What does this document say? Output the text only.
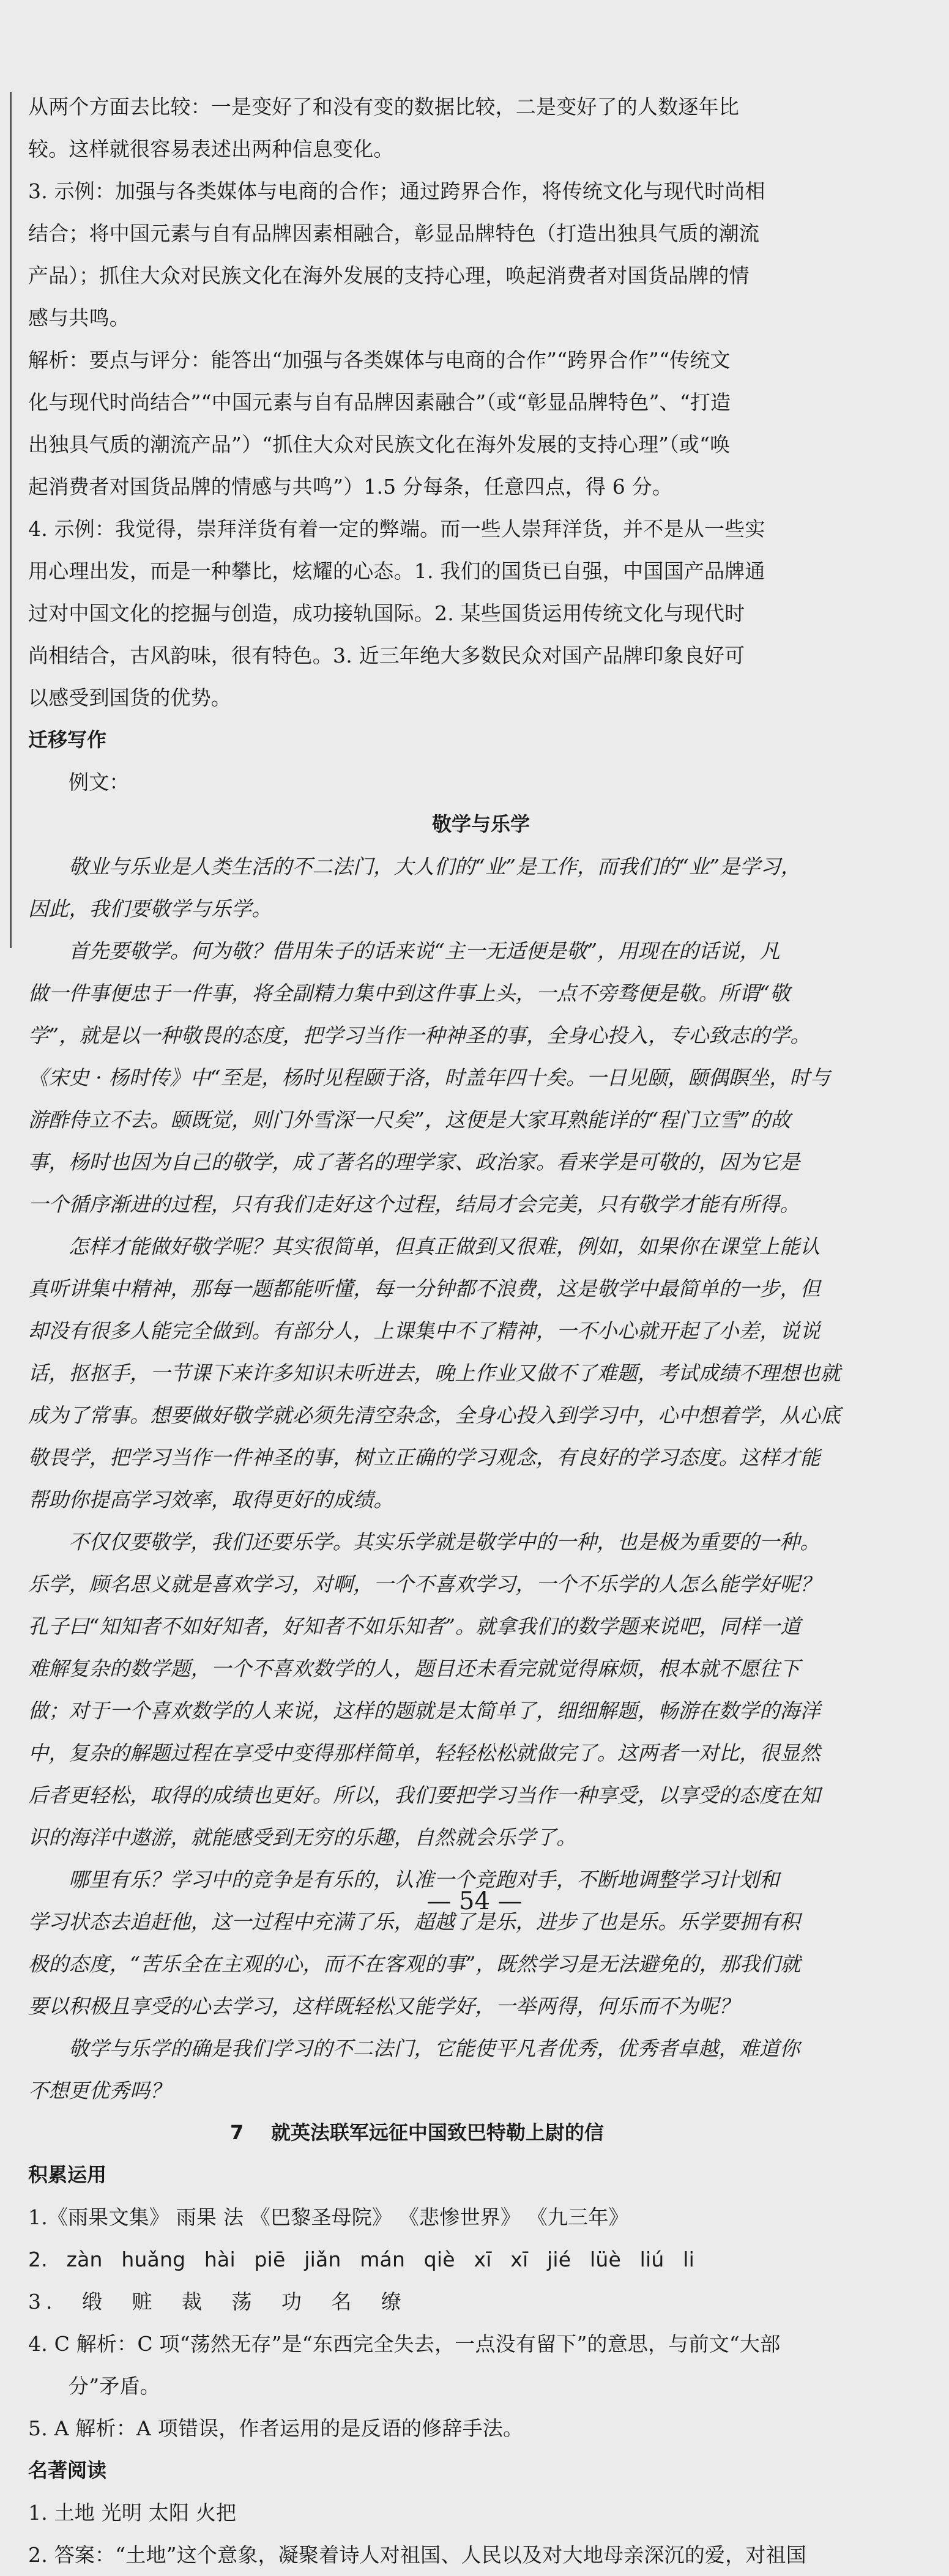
从两个方面去比较：一是变好了和没有变的数据比较，二是变好了的人数逐年比

较。这样就很容易表述出两种信息变化。

3. 示例：加强与各类媒体与电商的合作；通过跨界合作，将传统文化与现代时尚相

结合；将中国元素与自有品牌因素相融合，彰显品牌特色（打造出独具气质的潮流

产品）；抓住大众对民族文化在海外发展的支持心理，唤起消费者对国货品牌的情

感与共鸣。

解析：要点与评分：能答出“加强与各类媒体与电商的合作”“跨界合作”“传统文

化与现代时尚结合”“中国元素与自有品牌因素融合”（或“彰显品牌特色”、“打造

出独具气质的潮流产品”）“抓住大众对民族文化在海外发展的支持心理”（或“唤

起消费者对国货品牌的情感与共鸣”）1.5 分每条，任意四点，得 6 分。

4. 示例：我觉得，崇拜洋货有着一定的弊端。而一些人崇拜洋货，并不是从一些实

用心理出发，而是一种攀比，炫耀的心态。1. 我们的国货已自强，中国国产品牌通

过对中国文化的挖掘与创造，成功接轨国际。2. 某些国货运用传统文化与现代时

尚相结合，古风韵味，很有特色。3. 近三年绝大多数民众对国产品牌印象良好可

以感受到国货的优势。

迁移写作

例文：

敬学与乐学

敬业与乐业是人类生活的不二法门，大人们的“业”是工作，而我们的“业”是学习，

因此，我们要敬学与乐学。

首先要敬学。何为敬？借用朱子的话来说“主一无适便是敬”，用现在的话说，凡

做一件事便忠于一件事，将全副精力集中到这件事上头，一点不旁骛便是敬。所谓“敬

学”，就是以一种敬畏的态度，把学习当作一种神圣的事，全身心投入，专心致志的学。

《宋史 · 杨时传》中“至是，杨时见程颐于洛，时盖年四十矣。一日见颐，颐偶瞑坐，时与

游酢侍立不去。颐既觉，则门外雪深一尺矣”，这便是大家耳熟能详的“程门立雪”的故

事，杨时也因为自己的敬学，成了著名的理学家、政治家。看来学是可敬的，因为它是

一个循序渐进的过程，只有我们走好这个过程，结局才会完美，只有敬学才能有所得。

怎样才能做好敬学呢？其实很简单，但真正做到又很难，例如，如果你在课堂上能认

真听讲集中精神，那每一题都能听懂，每一分钟都不浪费，这是敬学中最简单的一步，但

却没有很多人能完全做到。有部分人，上课集中不了精神，一不小心就开起了小差，说说

话，抠抠手，一节课下来许多知识未听进去，晚上作业又做不了难题，考试成绩不理想也就

成为了常事。想要做好敬学就必须先清空杂念，全身心投入到学习中，心中想着学，从心底

敬畏学，把学习当作一件神圣的事，树立正确的学习观念，有良好的学习态度。这样才能

帮助你提高学习效率，取得更好的成绩。

不仅仅要敬学，我们还要乐学。其实乐学就是敬学中的一种，也是极为重要的一种。

乐学，顾名思义就是喜欢学习，对啊，一个不喜欢学习，一个不乐学的人怎么能学好呢？

孔子曰“知知者不如好知者，好知者不如乐知者”。就拿我们的数学题来说吧，同样一道

难解复杂的数学题，一个不喜欢数学的人，题目还未看完就觉得麻烦，根本就不愿往下

做；对于一个喜欢数学的人来说，这样的题就是太简单了，细细解题，畅游在数学的海洋

中，复杂的解题过程在享受中变得那样简单，轻轻松松就做完了。这两者一对比，很显然

后者更轻松，取得的成绩也更好。所以，我们要把学习当作一种享受，以享受的态度在知

识的海洋中遨游，就能感受到无穷的乐趣，自然就会乐学了。

哪里有乐？学习中的竞争是有乐的，认准一个竞跑对手，不断地调整学习计划和

学习状态去追赶他，这一过程中充满了乐，超越了是乐，进步了也是乐。乐学要拥有积

极的态度，“苦乐全在主观的心，而不在客观的事”，既然学习是无法避免的，那我们就

要以积极且享受的心去学习，这样既轻松又能学好，一举两得，何乐而不为呢？

敬学与乐学的确是我们学习的不二法门，它能使平凡者优秀，优秀者卓越，难道你

不想更优秀吗？

7 就英法联军远征中国致巴特勒上尉的信

积累运用

1.《雨果文集》 雨果 法 《巴黎圣母院》 《悲惨世界》 《九三年》

2. zàn huǎng hài piē jiǎn mán qiè xī xī jié lüè liú li

3. 缎 赃 裁 荡 功 名 缭

4. C 解析：C 项“荡然无存”是“东西完全失去，一点没有留下”的意思，与前文“大部

分”矛盾。

5. A 解析：A 项错误，作者运用的是反语的修辞手法。

名著阅读

1. 土地 光明 太阳 火把

2. 答案：“土地”这个意象，凝聚着诗人对祖国、人民以及对大地母亲深沉的爱，对祖国

— 54 —
